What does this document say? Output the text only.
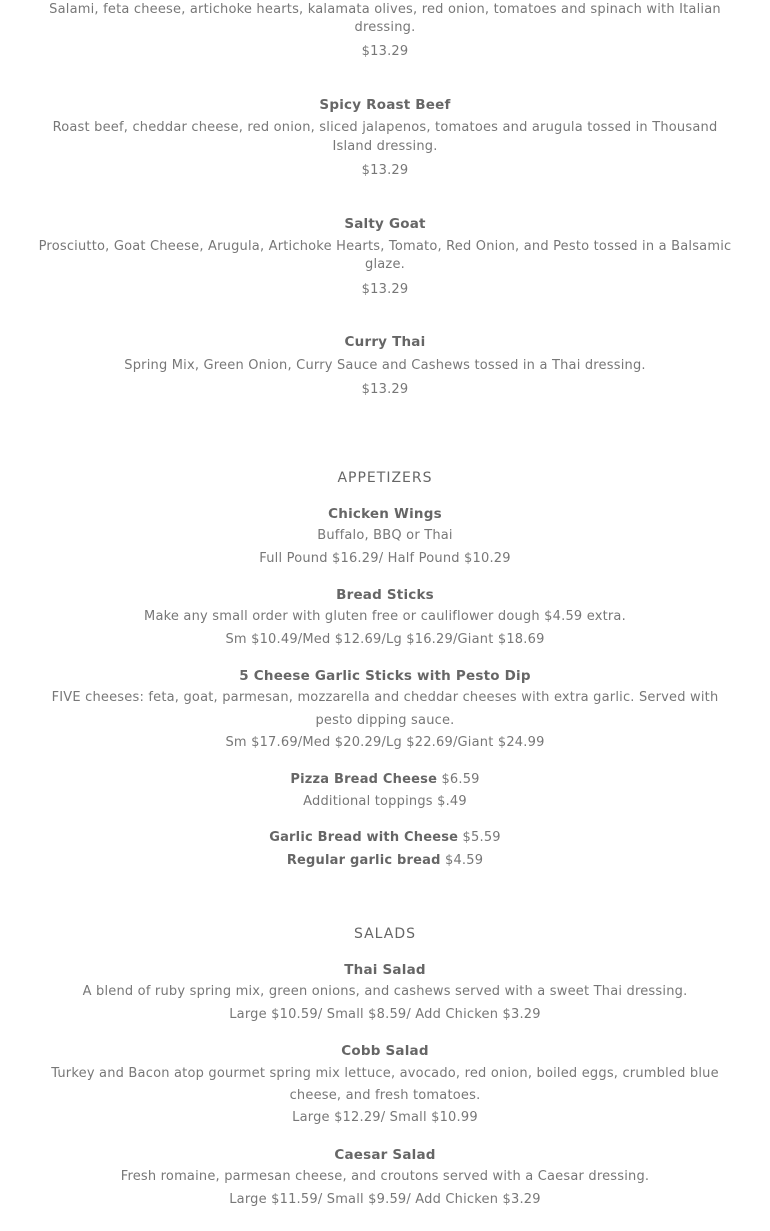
Salami, feta cheese, artichoke hearts, kalamata olives, red onion, tomatoes and spinach with Italian
dressing.
$13.29
Spicy Roast Beef
Roast beef, cheddar cheese, red onion, sliced jalapenos, tomatoes and arugula tossed in Thousand
Island dressing.
$13.29
Salty Goat
Prosciutto, Goat Cheese, Arugula, Artichoke Hearts, Tomato, Red Onion, and Pesto tossed in a Balsamic
glaze.
$13.29
Curry Thai
Spring Mix, Green Onion, Curry Sauce and Cashews tossed in a Thai dressing.
$13.29
APPETIZERS
Chicken Wings
Buffalo, BBQ or Thai
Full Pound $16.29/ Half Pound $10.29
Bread Sticks
Make any small order with gluten free or cauliflower dough $4.59 extra.
Sm $10.49/Med $12.69/Lg $16.29/Giant $18.69
5 Cheese Garlic Sticks with Pesto Dip
FIVE cheeses: feta, goat, parmesan, mozzarella and cheddar cheeses with extra garlic. Served with
pesto dipping sauce.
Sm $17.69/Med $20.29/Lg $22.69/Giant $24.99
Pizza Bread Cheese $6.59
Additional toppings $.49
Garlic Bread with Cheese $5.59
Regular garlic bread $4.59
SALADS
Thai Salad
A blend of ruby spring mix, green onions, and cashews served with a sweet Thai dressing.
Large $10.59/ Small $8.59/ Add Chicken $3.29
Cobb Salad
Turkey and Bacon atop gourmet spring mix lettuce, avocado, red onion, boiled eggs, crumbled blue
cheese, and fresh tomatoes.
Large $12.29/ Small $10.99
Caesar Salad
Fresh romaine, parmesan cheese, and croutons served with a Caesar dressing.
Large $11.59/ Small $9.59/ Add Chicken $3.29
